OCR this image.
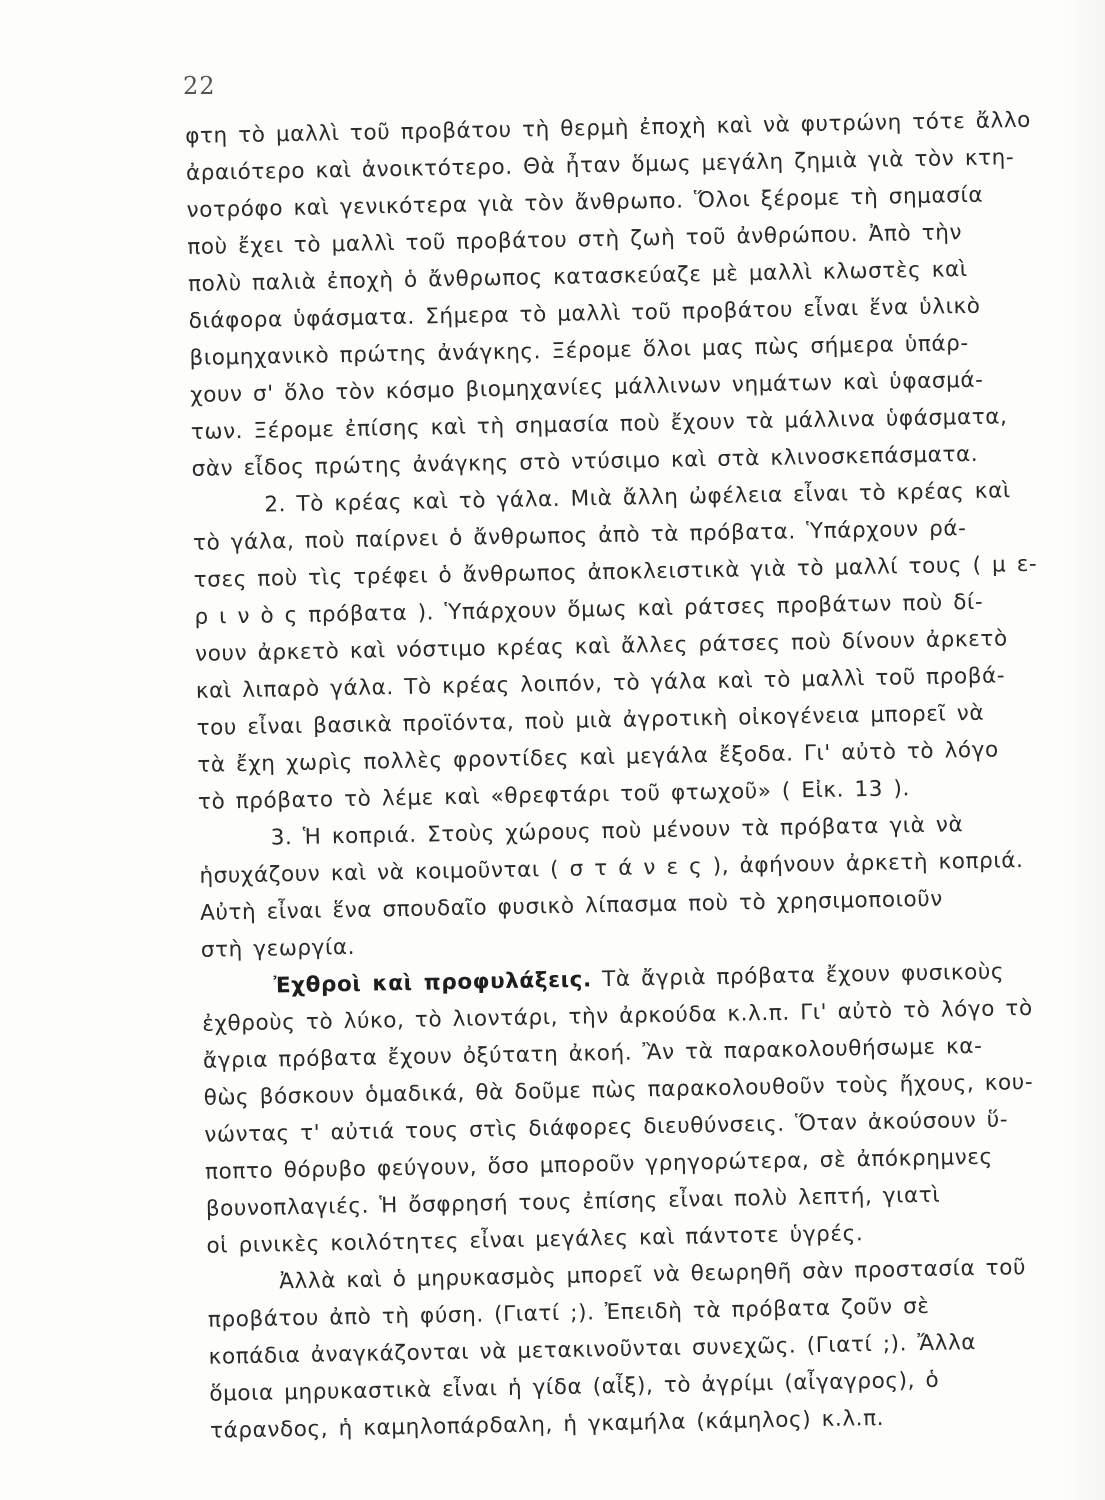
22
φτη τὸ μαλλὶ τοῦ προβάτου τὴ θερμὴ ἐποχὴ καὶ νὰ φυτρώνη τότε ἄλλο
ἀραιότερο καὶ ἀνοικτότερο. Θὰ ἦταν ὅμως μεγάλη ζημιὰ γιὰ τὸν κτη-
νοτρόφο καὶ γενικότερα γιὰ τὸν ἄνθρωπο. Ὅλοι ξέρομε τὴ σημασία
ποὺ ἔχει τὸ μαλλὶ τοῦ προβάτου στὴ ζωὴ τοῦ ἀνθρώπου. Ἀπὸ τὴν
πολὺ παλιὰ ἐποχὴ ὁ ἄνθρωπος κατασκεύαζε μὲ μαλλὶ κλωστὲς καὶ
διάφορα ὑφάσματα. Σήμερα τὸ μαλλὶ τοῦ προβάτου εἶναι ἕνα ὑλικὸ
βιομηχανικὸ πρώτης ἀνάγκης. Ξέρομε ὅλοι μας πὼς σήμερα ὑπάρ-
χουν σ' ὅλο τὸν κόσμο βιομηχανίες μάλλινων νημάτων καὶ ὑφασμά-
των. Ξέρομε ἐπίσης καὶ τὴ σημασία ποὺ ἔχουν τὰ μάλλινα ὑφάσματα,
σὰν εἶδος πρώτης ἀνάγκης στὸ ντύσιμο καὶ στὰ κλινοσκεπάσματα.
2. Τὸ κρέας καὶ τὸ γάλα. Μιὰ ἄλλη ὠφέλεια εἶναι τὸ κρέας καὶ
τὸ γάλα, ποὺ παίρνει ὁ ἄνθρωπος ἀπὸ τὰ πρόβατα. Ὑπάρχουν ρά-
τσες ποὺ τὶς τρέφει ὁ ἄνθρωπος ἀποκλειστικὰ γιὰ τὸ μαλλί τους ( μ ε-
ρ ι ν ὸ ς πρόβατα ). Ὑπάρχουν ὅμως καὶ ράτσες προβάτων ποὺ δί-
νουν ἀρκετὸ καὶ νόστιμο κρέας καὶ ἄλλες ράτσες ποὺ δίνουν ἀρκετὸ
καὶ λιπαρὸ γάλα. Τὸ κρέας λοιπόν, τὸ γάλα καὶ τὸ μαλλὶ τοῦ προβά-
του εἶναι βασικὰ προϊόντα, ποὺ μιὰ ἀγροτικὴ οἰκογένεια μπορεῖ νὰ
τὰ ἔχη χωρὶς πολλὲς φροντίδες καὶ μεγάλα ἔξοδα. Γι' αὐτὸ τὸ λόγο
τὸ πρόβατο τὸ λέμε καὶ «θρεφτάρι τοῦ φτωχοῦ» ( Εἰκ. 13 ).
3. Ἡ κοπριά. Στοὺς χώρους ποὺ μένουν τὰ πρόβατα γιὰ νὰ
ἡσυχάζουν καὶ νὰ κοιμοῦνται ( σ τ ά ν ε ς ), ἀφήνουν ἀρκετὴ κοπριά.
Αὐτὴ εἶναι ἕνα σπουδαῖο φυσικὸ λίπασμα ποὺ τὸ χρησιμοποιοῦν
στὴ γεωργία.
Ἐχθροὶ καὶ προφυλάξεις. Τὰ ἄγριὰ πρόβατα ἔχουν φυσικοὺς
ἐχθροὺς τὸ λύκο, τὸ λιοντάρι, τὴν ἀρκούδα κ.λ.π. Γι' αὐτὸ τὸ λόγο τὸ
ἄγρια πρόβατα ἔχουν ὀξύτατη ἀκοή. Ἂν τὰ παρακολουθήσωμε κα-
θὼς βόσκουν ὁμαδικά, θὰ δοῦμε πὼς παρακολουθοῦν τοὺς ἤχους, κου-
νώντας τ' αὐτιά τους στὶς διάφορες διευθύνσεις. Ὅταν ἀκούσουν ὕ-
ποπτο θόρυβο φεύγουν, ὅσο μποροῦν γρηγορώτερα, σὲ ἀπόκρημνες
βουνοπλαγιές. Ἡ ὄσφρησή τους ἐπίσης εἶναι πολὺ λεπτή, γιατὶ
οἱ ρινικὲς κοιλότητες εἶναι μεγάλες καὶ πάντοτε ὑγρές.
Ἀλλὰ καὶ ὁ μηρυκασμὸς μπορεῖ νὰ θεωρηθῆ σὰν προστασία τοῦ
προβάτου ἀπὸ τὴ φύση. (Γιατί ;). Ἐπειδὴ τὰ πρόβατα ζοῦν σὲ
κοπάδια ἀναγκάζονται νὰ μετακινοῦνται συνεχῶς. (Γιατί ;). Ἄλλα
ὅμοια μηρυκαστικὰ εἶναι ἡ γίδα (αἶξ), τὸ ἀγρίμι (αἶγαγρος), ὁ
τάρανδος, ἡ καμηλοπάρδαλη, ἡ γκαμήλα (κάμηλος) κ.λ.π.
